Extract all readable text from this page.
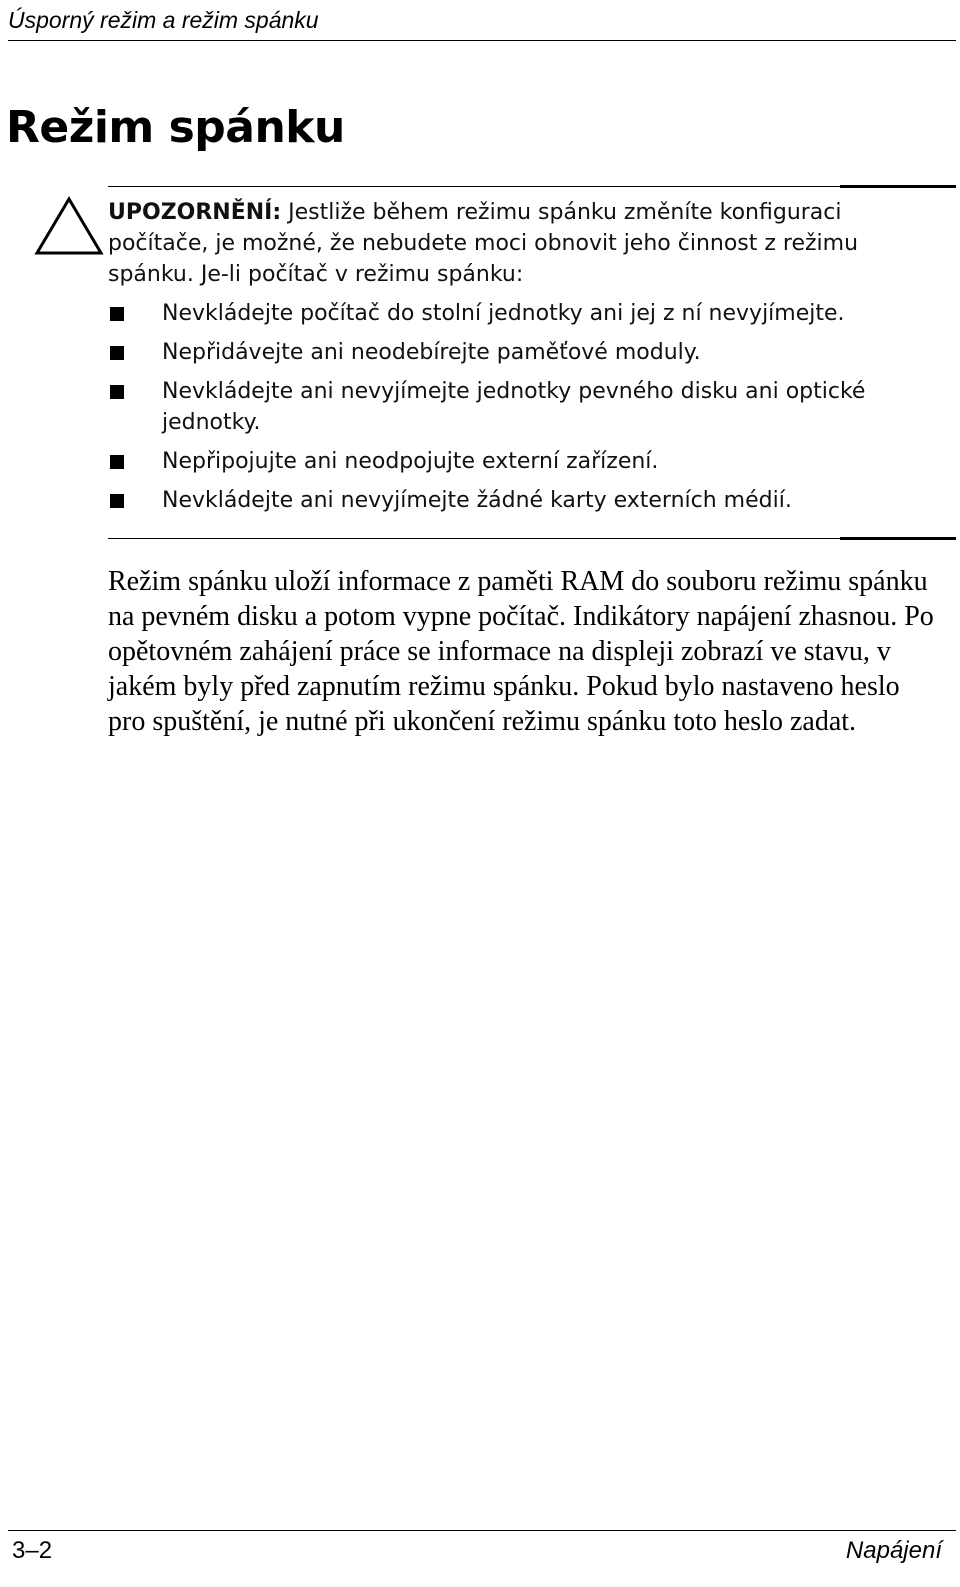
Úsporný režim a režim spánku
Režim spánku
UPOZORNĚNÍ: Jestliže během režimu spánku změníte konfiguraci počítače, je možné, že nebudete moci obnovit jeho činnost z režimu spánku. Je-li počítač v režimu spánku:
Nevkládejte počítač do stolní jednotky ani jej z ní nevyjímejte.
Nepřidávejte ani neodebírejte paměťové moduly.
Nevkládejte ani nevyjímejte jednotky pevného disku ani optické jednotky.
Nepřipojujte ani neodpojujte externí zařízení.
Nevkládejte ani nevyjímejte žádné karty externích médií.

Režim spánku uloží informace z paměti RAM do souboru režimu spánku na pevném disku a potom vypne počítač. Indikátory napájení zhasnou. Po opětovném zahájení práce se informace na displeji zobrazí ve stavu, v jakém byly před zapnutím režimu spánku. Pokud bylo nastaveno heslo pro spuštění, je nutné při ukončení režimu spánku toto heslo zadat.

3–2	Napájení
